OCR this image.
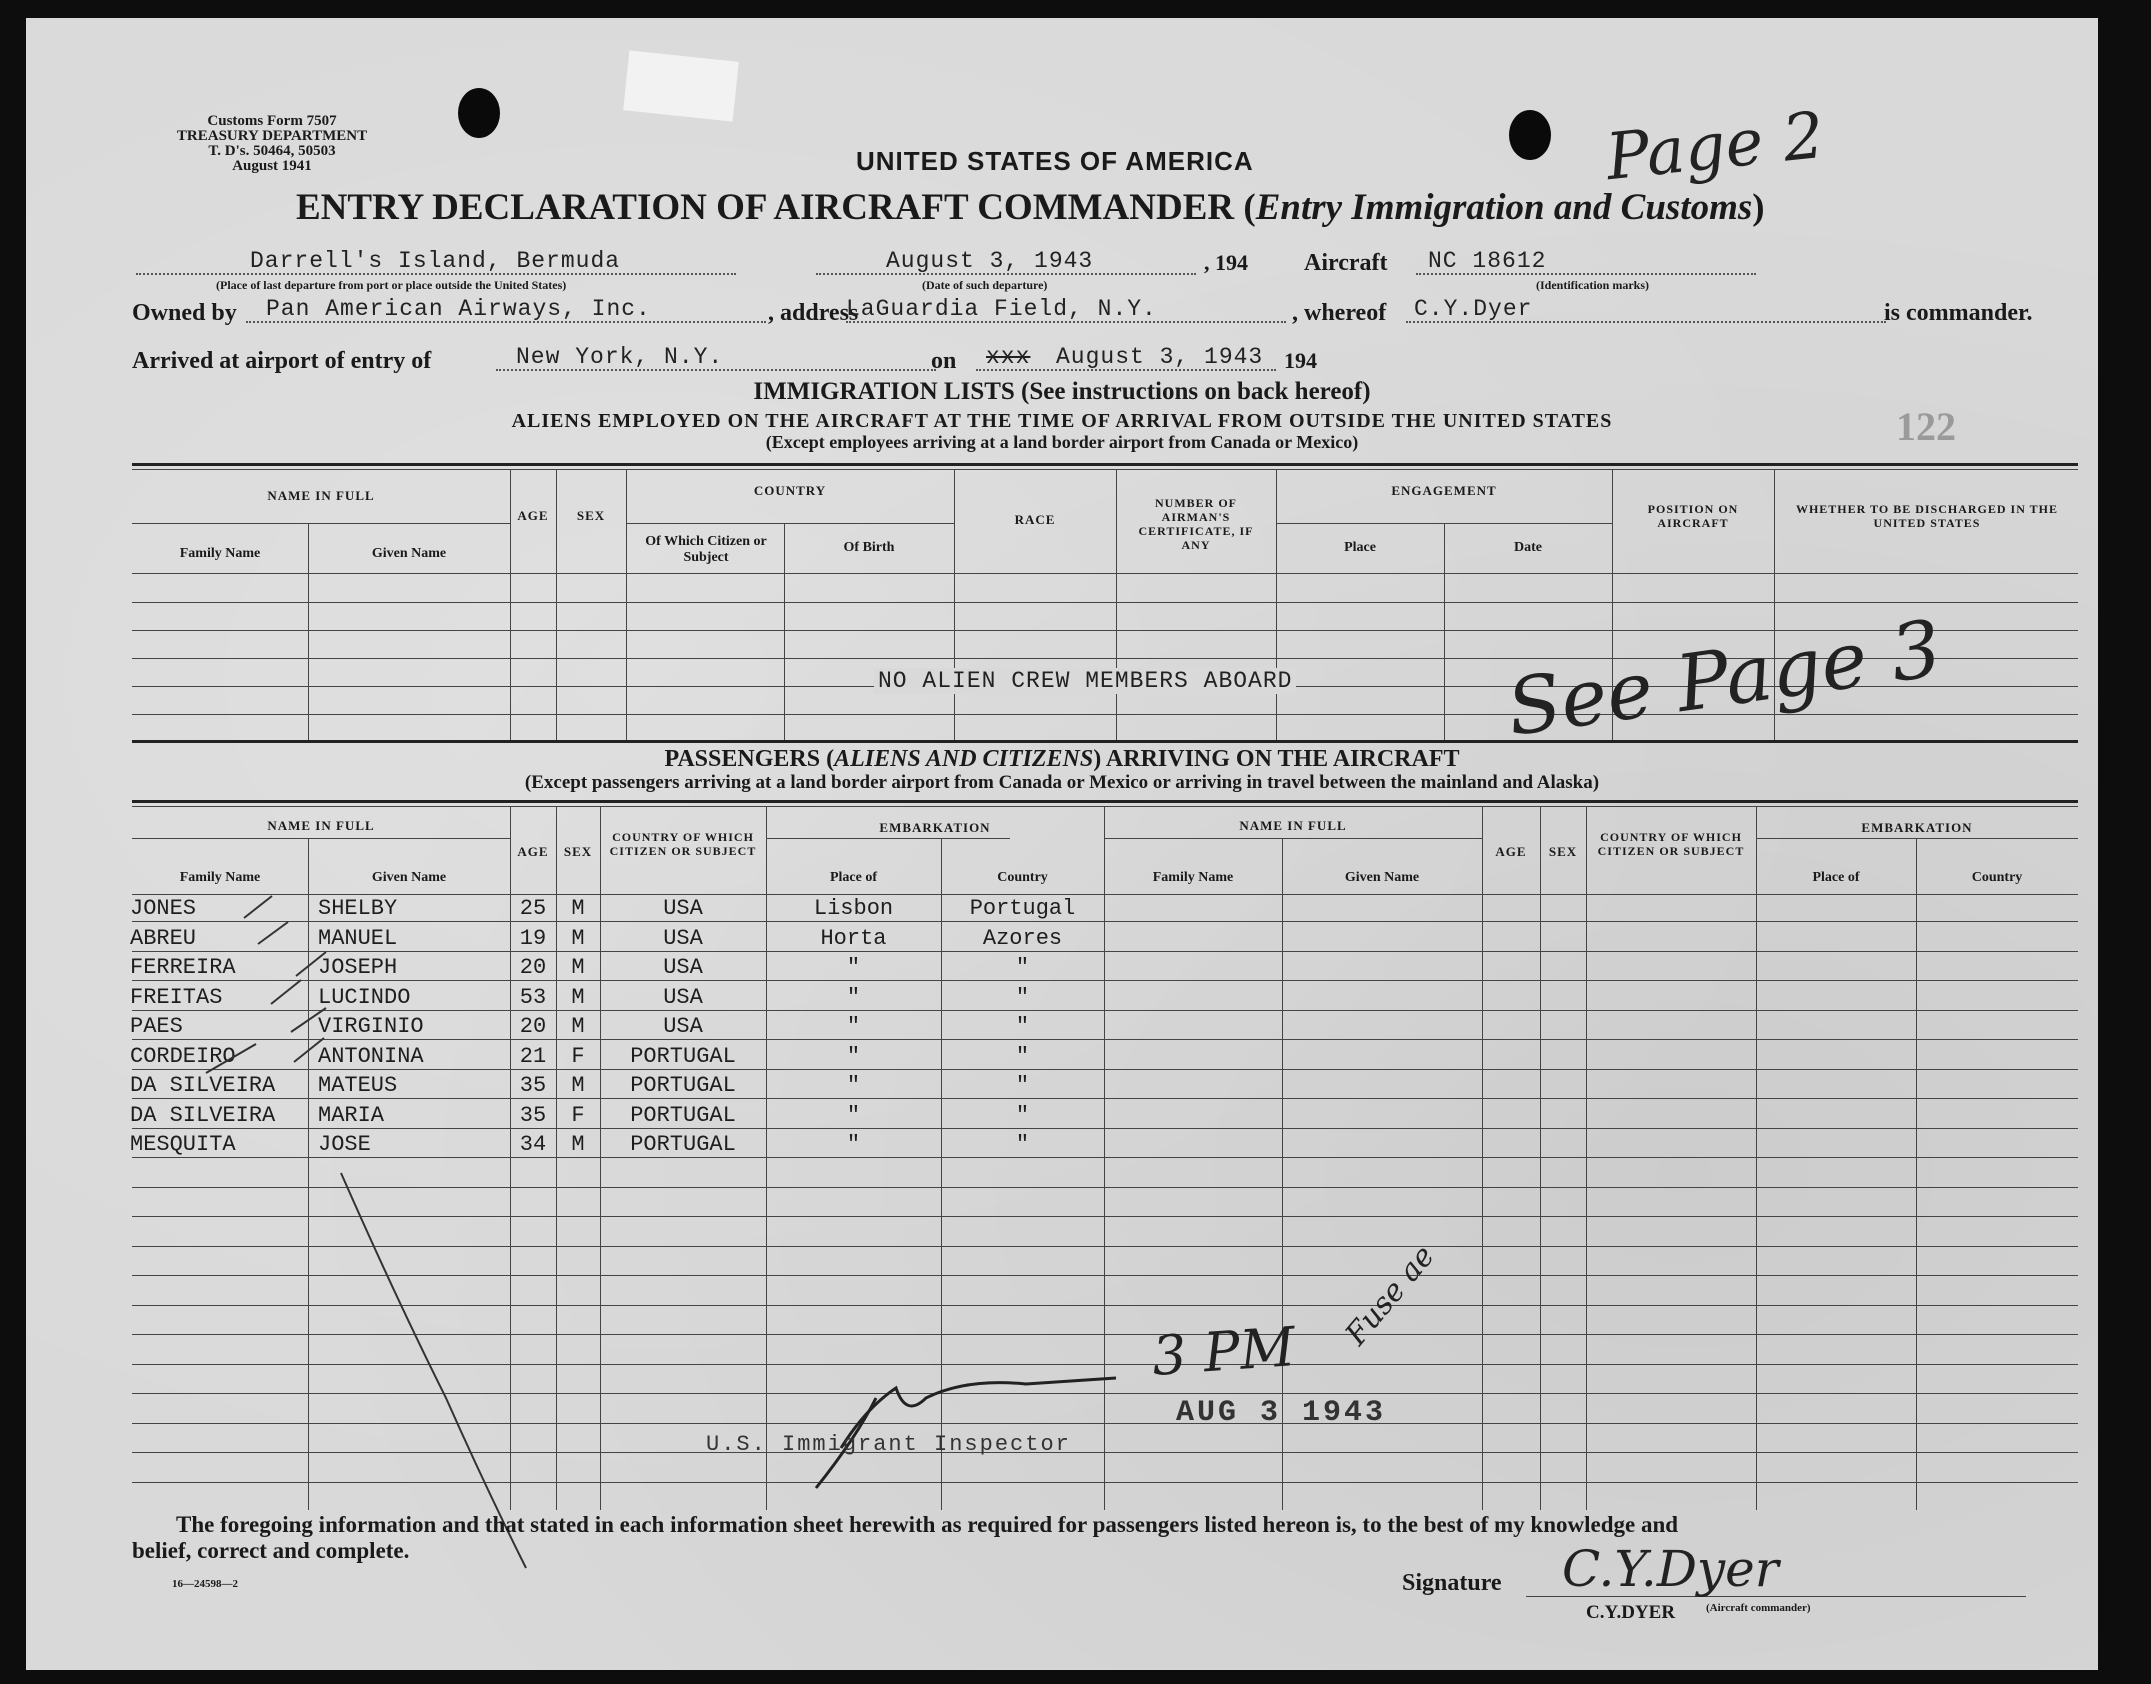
Customs Form 7507
TREASURY DEPARTMENT
T. D's. 50464, 50503
August 1941	Page 2
UNITED STATES OF AMERICA
ENTRY DECLARATION OF AIRCRAFT COMMANDER (Entry Immigration and Customs)
Darrell's Island, Bermuda
(Place of last departure from port or place outside the United States)
August 3, 1943	, 194
(Date of such departure)
Aircraft NC 18612
(Identification marks)
Owned by Pan American Airways, Inc.	, address
LaGuardia Field, N.Y.	, whereof C.Y.Dyer	is commander.
Arrived at airport of entry of	New York, N.Y.	on xxx August 3, 1943 194
IMMIGRATION LISTS (See instructions on back hereof)
ALIENS EMPLOYED ON THE AIRCRAFT AT THE TIME OF ARRIVAL FROM OUTSIDE THE UNITED STATES
(Except employees arriving at a land border airport from Canada or Mexico)	122
NAME IN FULL
Family Name	Given Name
AGE	SEX
COUNTRY
Of Which Citizen or Subject
Of Birth
RACE
NUMBER OF AIRMAN'S CERTIFICATE, IF ANY
ENGAGEMENT
Place	Date
POSITION ON AIRCRAFT
WHETHER TO BE DISCHARGED IN THE UNITED STATES
NO ALIEN CREW MEMBERS ABOARD	See Page 3
PASSENGERS (ALIENS AND CITIZENS) ARRIVING ON THE AIRCRAFT
(Except passengers arriving at a land border airport from Canada or Mexico or arriving in travel between the mainland and Alaska)
NAME IN FULL
Family Name	Given Name
AGE	SEX
COUNTRY OF WHICH CITIZEN OR SUBJECT
EMBARKATION
Place of	Country
NAME IN FULL
Family Name	Given Name
AGE	SEX
COUNTRY OF WHICH CITIZEN OR SUBJECT
EMBARKATION
Place of	Country
JONES	SHELBY	25	M	USA	Lisbon	Portugal
ABREU	MANUEL	19	M	USA	Horta	Azores
FERREIRA	JOSEPH	20	M	USA	"	"
FREITAS	LUCINDO	53	M	USA	"	"
PAES	VIRGINIO	20	M	USA	"	"
CORDEIRO	ANTONINA	21	F	PORTUGAL	"	"
DA SILVEIRA	MATEUS	35	M	PORTUGAL	"	"
DA SILVEIRA	MARIA	35	F	PORTUGAL	"	"
MESQUITA	JOSE	34	M	PORTUGAL	"	"
3 PM Fuse ae
U.S. Immigrant Inspector
AUG 3 1943
The foregoing information and that stated in each information sheet herewith as required for passengers listed hereon is, to the best of my knowledge and
belief, correct and complete.
16—24598—2	Signature C.Y.Dyer
C.Y.DYER	(Aircraft commander)
